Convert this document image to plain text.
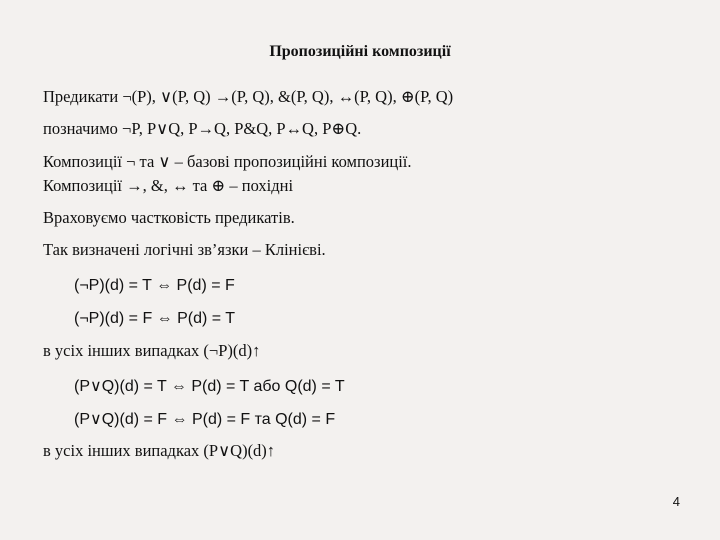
Пропозиційні композиції
Предикати ¬(P), ∨(P, Q) →(P, Q), &(P, Q), ↔(P, Q), ⊕(P, Q)
позначимо ¬P, P∨Q, P→Q, P&Q, P↔Q, P⊕Q.
Композиції ¬ та ∨ – базові пропозиційні композиції.
Композиції →, &, ↔ та ⊕ – похідні
Враховуємо частковість предикатів.
Так визначені логічні зв’язки – Клінієві.
(¬P)(d) = T ⇔ P(d) = F
(¬P)(d) = F ⇔ P(d) = T
в усіх інших випадках (¬P)(d)↑
(P∨Q)(d) = T ⇔ P(d) = T або Q(d) = T
(P∨Q)(d) = F ⇔ P(d) = F та Q(d) = F
в усіх інших випадках (P∨Q)(d)↑
4
